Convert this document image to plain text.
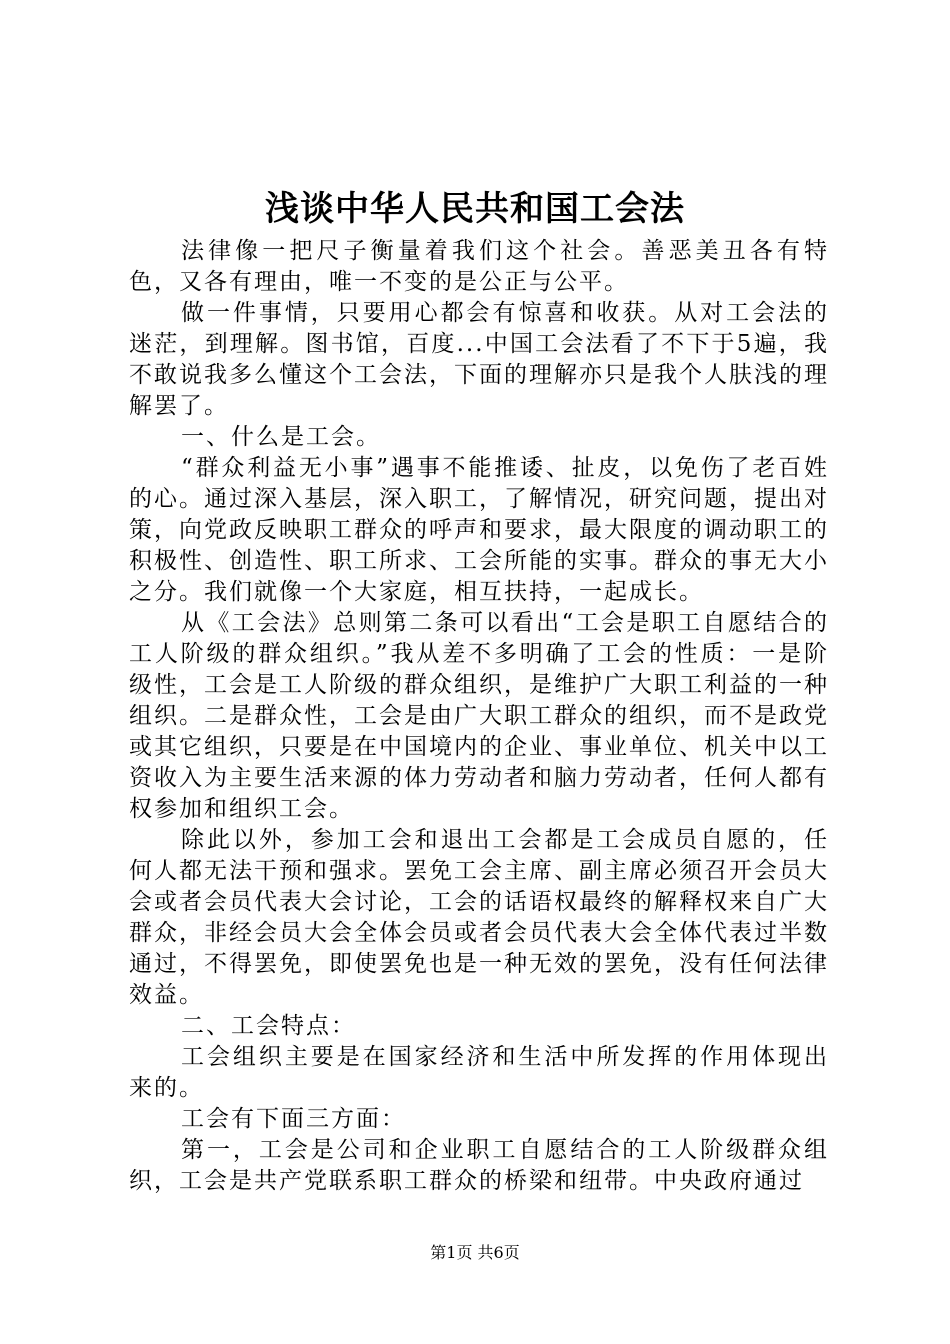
浅谈中华人民共和国工会法

法律像一把尺子衡量着我们这个社会。善恶美丑各有特色，又各有理由，唯一不变的是公正与公平。

做一件事情，只要用心都会有惊喜和收获。从对工会法的迷茫，到理解。图书馆，百度...中国工会法看了不下于5遍，我不敢说我多么懂这个工会法，下面的理解亦只是我个人肤浅的理解罢了。

一、什么是工会。

“群众利益无小事”遇事不能推诿、扯皮，以免伤了老百姓的心。通过深入基层，深入职工，了解情况，研究问题，提出对策，向党政反映职工群众的呼声和要求，最大限度的调动职工的积极性、创造性、职工所求、工会所能的实事。群众的事无大小之分。我们就像一个大家庭，相互扶持，一起成长。

从《工会法》总则第二条可以看出“工会是职工自愿结合的工人阶级的群众组织。”我从差不多明确了工会的性质：一是阶级性，工会是工人阶级的群众组织，是维护广大职工利益的一种组织。二是群众性，工会是由广大职工群众的组织，而不是政党或其它组织，只要是在中国境内的企业、事业单位、机关中以工资收入为主要生活来源的体力劳动者和脑力劳动者，任何人都有权参加和组织工会。

除此以外，参加工会和退出工会都是工会成员自愿的，任何人都无法干预和强求。罢免工会主席、副主席必须召开会员大会或者会员代表大会讨论，工会的话语权最终的解释权来自广大群众，非经会员大会全体会员或者会员代表大会全体代表过半数通过，不得罢免，即使罢免也是一种无效的罢免，没有任何法律效益。

二、工会特点：

工会组织主要是在国家经济和生活中所发挥的作用体现出来的。

工会有下面三方面：

第一，工会是公司和企业职工自愿结合的工人阶级群众组织，工会是共产党联系职工群众的桥梁和纽带。中央政府通过

第1页 共6页
